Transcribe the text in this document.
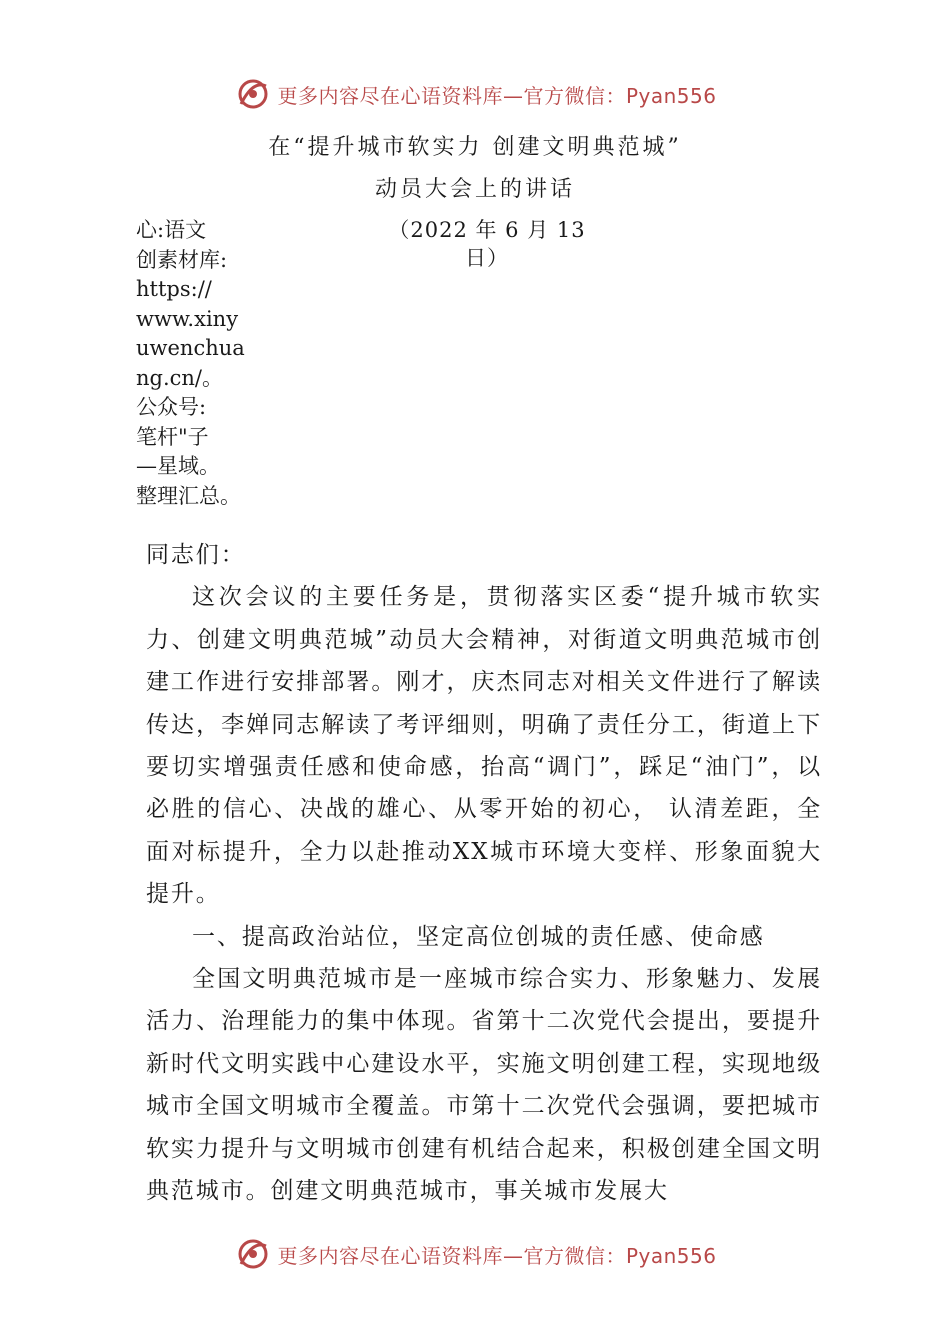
更多内容尽在心语资料库—官方微信：Pyan556
在“提升城市软实力 创建文明典范城”
动员大会上的讲话
（2022 年 6 月 13
日）
心:语文
创素材库:
https://
www.xiny
uwenchua
ng.cn/。
公众号:
笔杆"子
—星域。
整理汇总。

同志们：

这次会议的主要任务是，贯彻落实区委“提升城市软实力、创建文明典范城”动员大会精神，对街道文明典范城市创建工作进行安排部署。刚才，庆杰同志对相关文件进行了解读传达，李婵同志解读了考评细则，明确了责任分工，街道上下要切实增强责任感和使命感，抬高“调门”，踩足“油门”，以必胜的信心、决战的雄心、从零开始的初心， 认清差距，全面对标提升，全力以赴推动XX城市环境大变样、形象面貌大提升。

一、提高政治站位，坚定高位创城的责任感、使命感

全国文明典范城市是一座城市综合实力、形象魅力、发展活力、治理能力的集中体现。省第十二次党代会提出，要提升新时代文明实践中心建设水平，实施文明创建工程，实现地级城市全国文明城市全覆盖。市第十二次党代会强调，要把城市软实力提升与文明城市创建有机结合起来，积极创建全国文明典范城市。创建文明典范城市，事关城市发展大

更多内容尽在心语资料库—官方微信：Pyan556
